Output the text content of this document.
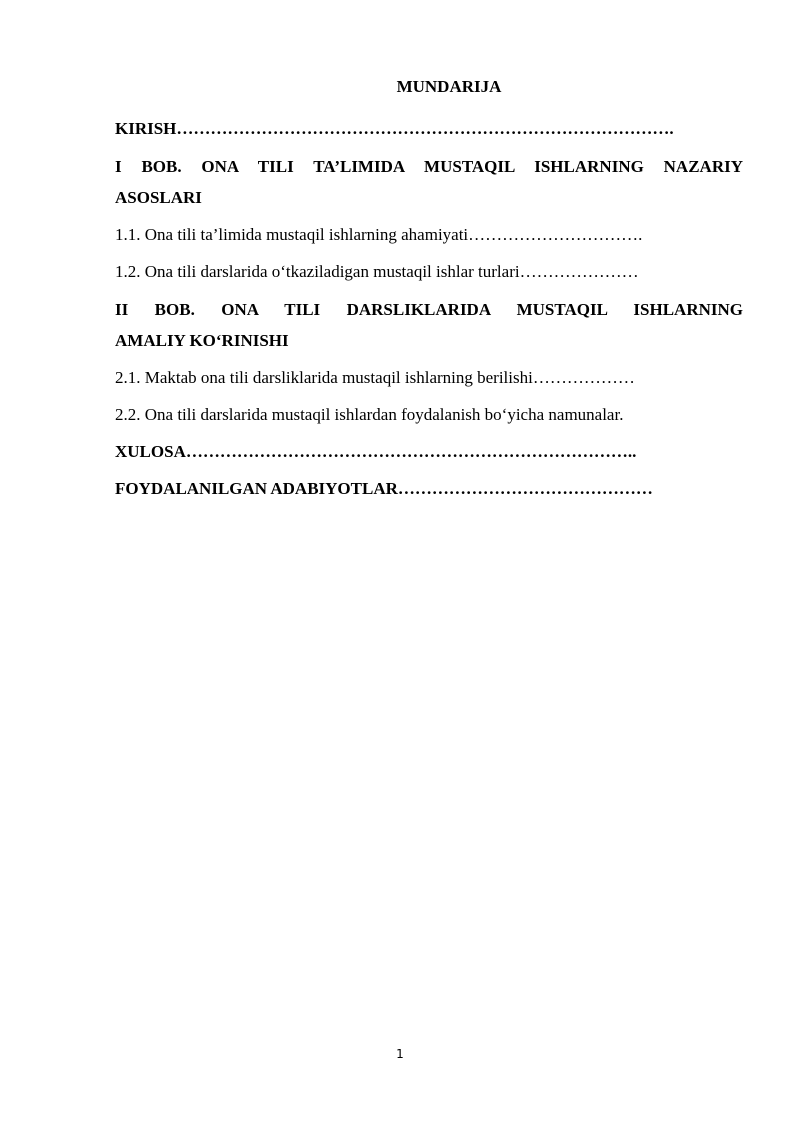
MUNDARIJA
KIRISH…………………………………………………………………………….
I BOB. ONA TILI TA’LIMIDA MUSTAQIL ISHLARNING NAZARIY
ASOSLARI
1.1. Ona tili ta’limida mustaqil ishlarning ahamiyati………………………….
1.2. Ona tili darslarida o‘tkaziladigan mustaqil ishlar turlari…………………
II BOB. ONA TILI DARSLIKLARIDA MUSTAQIL ISHLARNING
AMALIY KO‘RINISHI
2.1. Maktab ona tili darsliklarida mustaqil ishlarning berilishi………………
2.2. Ona tili darslarida mustaqil ishlardan foydalanish bo‘yicha namunalar.
XULOSA……………………………………………………………………..
FOYDALANILGAN ADABIYOTLAR………………………………………
1
